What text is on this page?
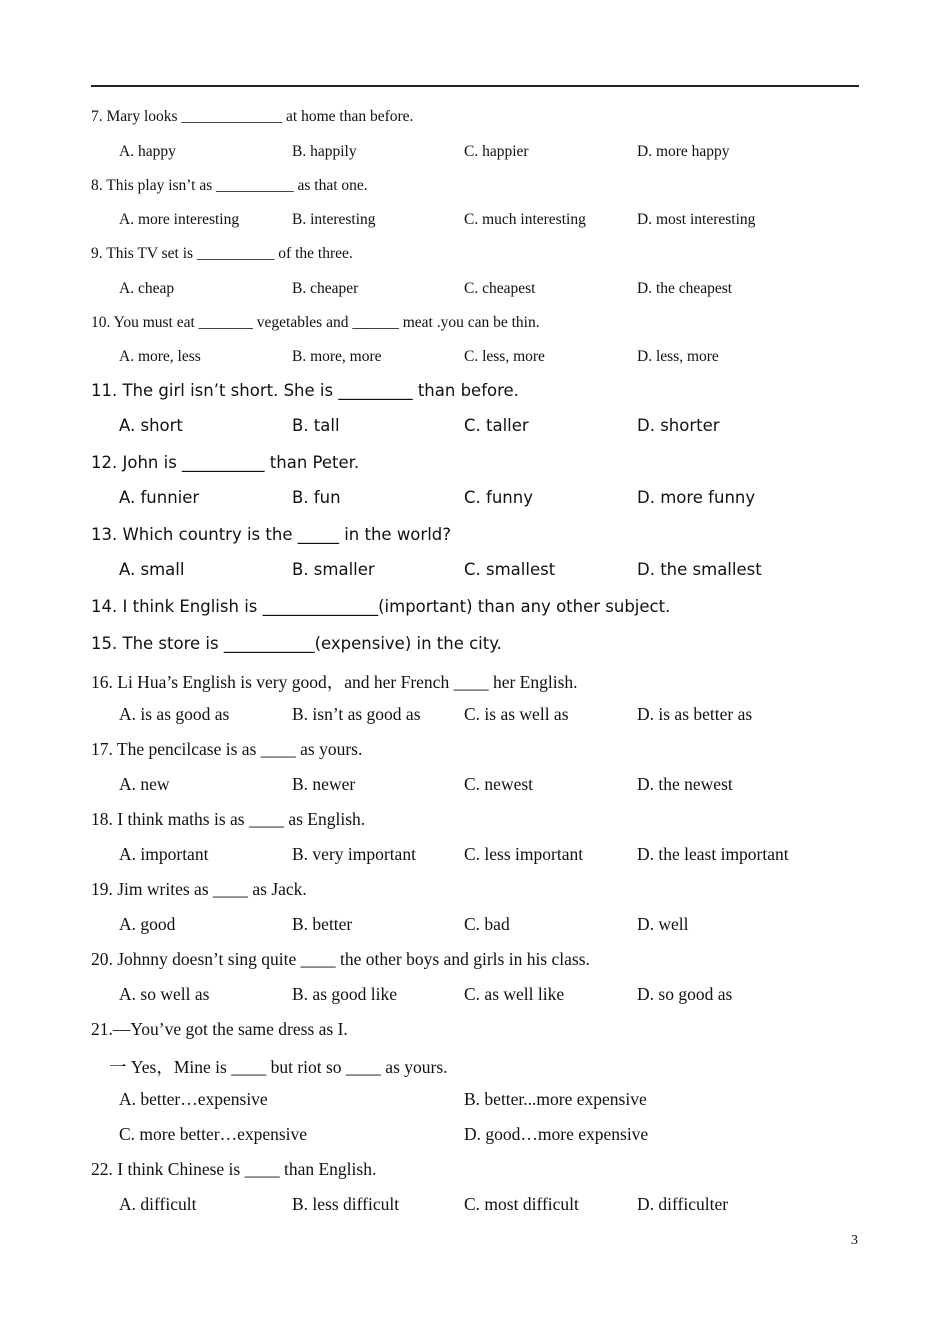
7. Mary looks _____________ at home than before.
A. happy	B. happily	C. happier	D. more happy
8. This play isn’t as __________ as that one.
A. more interesting	B. interesting	C. much interesting	D. most interesting
9. This TV set is __________ of the three.
A. cheap	B. cheaper	C. cheapest	D. the cheapest
10. You must eat _______ vegetables and ______ meat .you can be thin.
A. more, less	B. more, more	C. less, more	D. less, more
11. The girl isn’t short. She is _________ than before.
A. short	B. tall	C. taller	D. shorter
12. John is __________ than Peter.
A. funnier	B. fun	C. funny	D. more funny
13. Which country is the _____ in the world?
A. small	B. smaller	C. smallest	D. the smallest
14. I think English is ______________(important) than any other subject.
15. The store is ___________(expensive) in the city.
16. Li Hua’s English is very good，and her French ____ her English.
A. is as good as	B. isn’t as good as C. is as well as	D. is as better as
17. The pencilcase is as ____ as yours.
A. new	B. newer	C. newest	D. the newest
18. I think maths is as ____ as English.
A. important	B. very important	C. less important	D. the least important
19. Jim writes as ____ as Jack.
A. good	B. better	C. bad	D. well
20. Johnny doesn’t sing quite ____ the other boys and girls in his class.
A. so well as	B. as good like	C. as well like	D. so good as
21.—You’ve got the same dress as I.
一 Yes，Mine is ____ but riot so ____ as yours.
A. better…expensive	B. better...more expensive
C. more better…expensive	D. good…more expensive
22. I think Chinese is ____ than English.
A. difficult	B. less difficult	C. most difficult	D. difficulter
3
